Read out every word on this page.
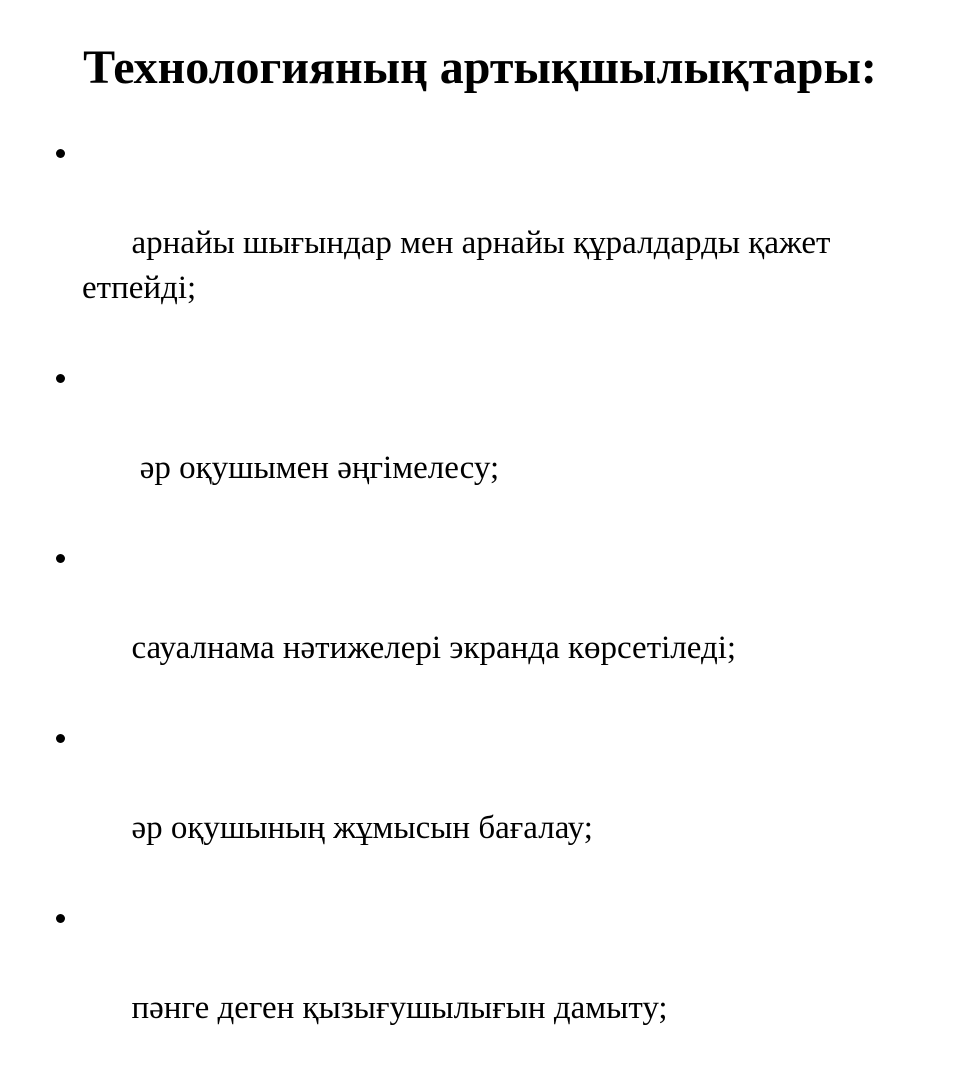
Технологияның артықшылықтары:

арнайы шығындар мен арнайы құралдарды қажет етпейді;

әр оқушымен әңгімелесу;

сауалнама нәтижелері экранда көрсетіледі;

әр оқушының жұмысын бағалау;

пәнге деген қызығушылығын дамыту;
